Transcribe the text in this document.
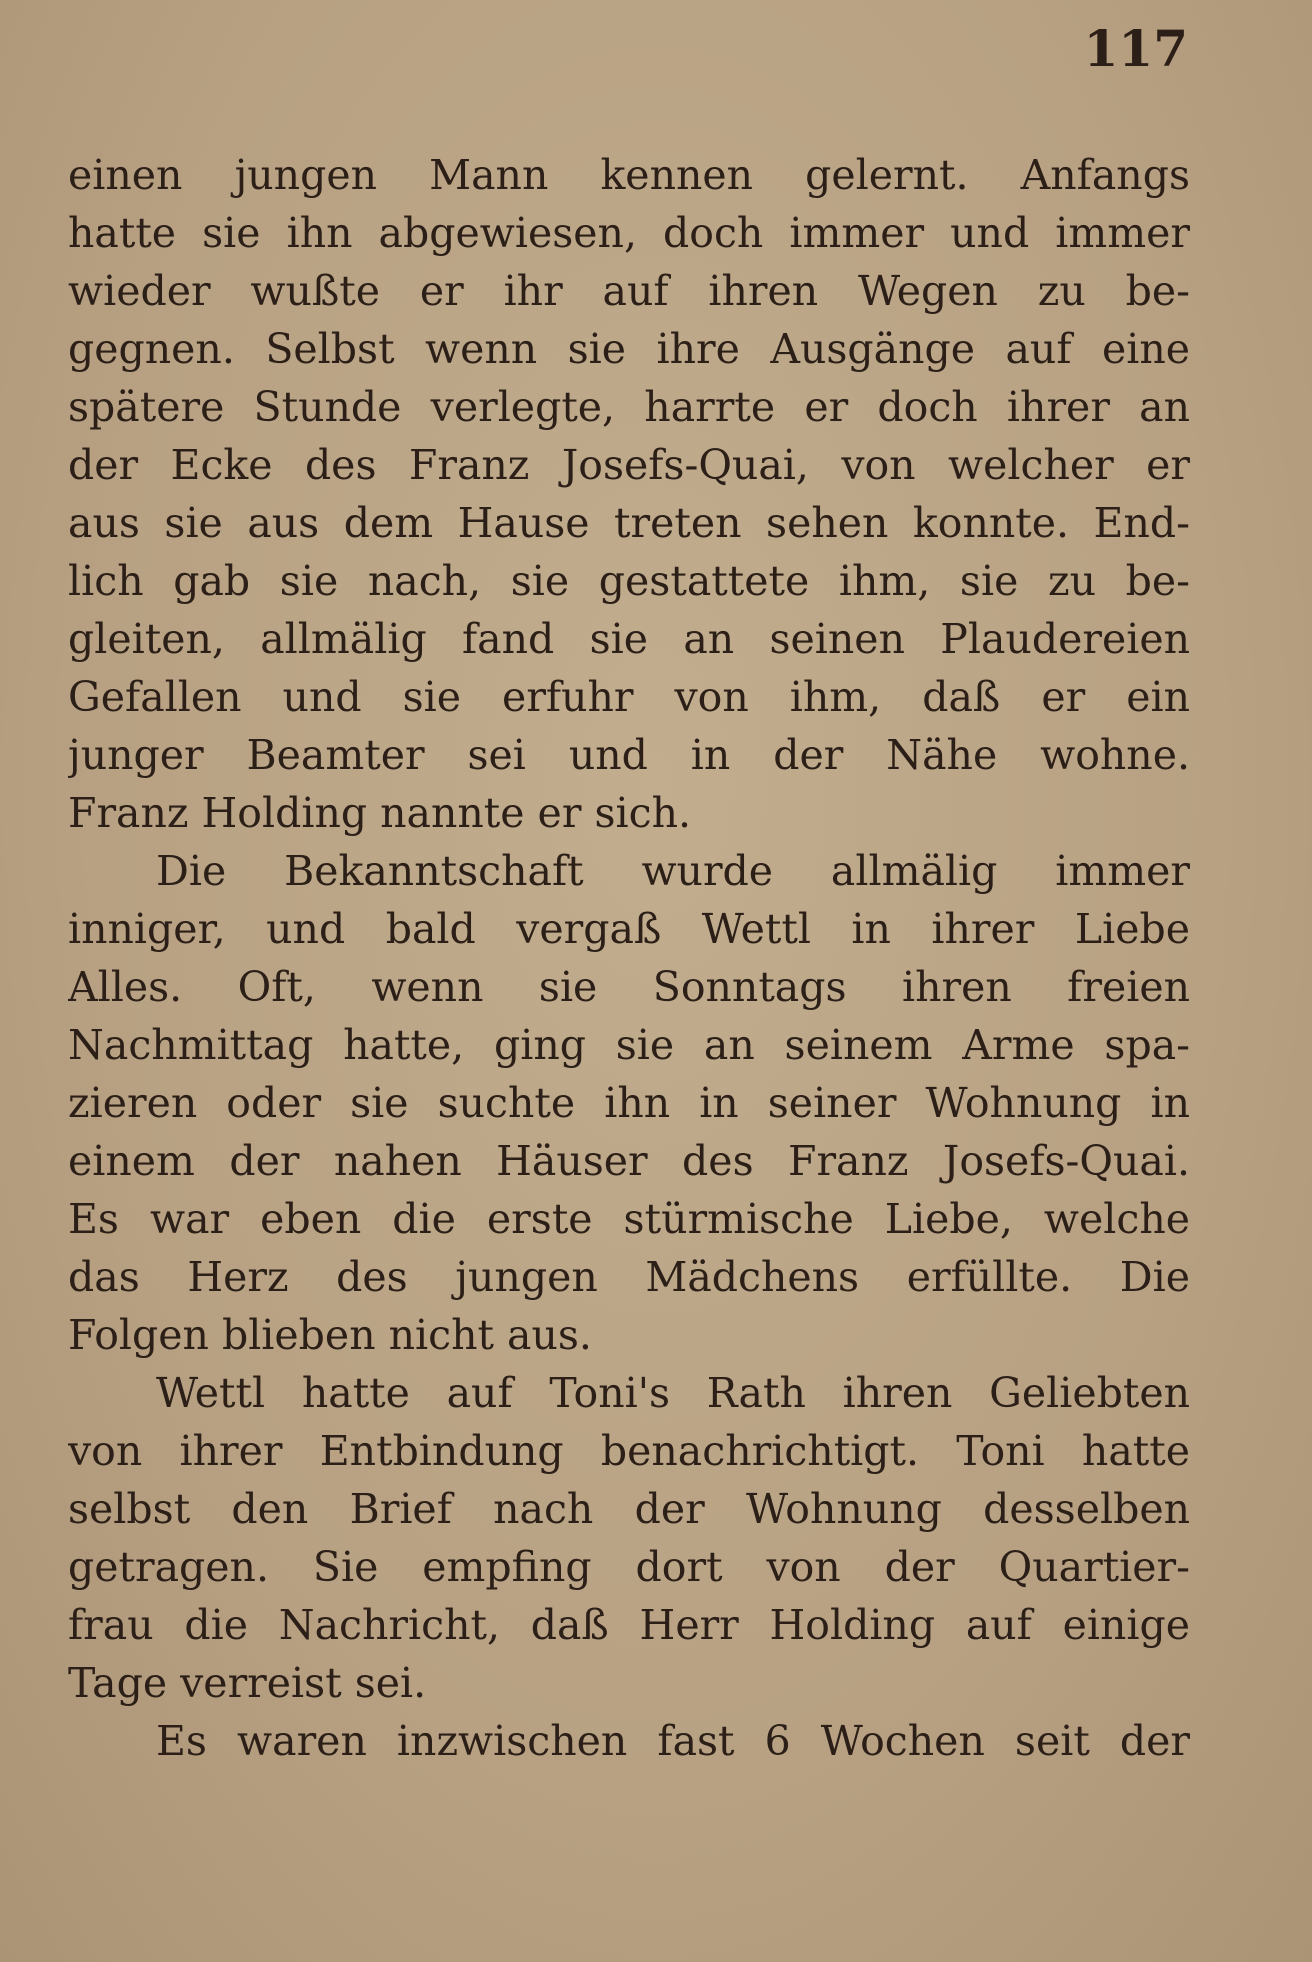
117
einen jungen Mann kennen gelernt. Anfangs
hatte sie ihn abgewiesen, doch immer und immer
wieder wußte er ihr auf ihren Wegen zu be-
gegnen. Selbst wenn sie ihre Ausgänge auf eine
spätere Stunde verlegte, harrte er doch ihrer an
der Ecke des Franz Josefs-Quai, von welcher er
aus sie aus dem Hause treten sehen konnte. End-
lich gab sie nach, sie gestattete ihm, sie zu be-
gleiten, allmälig fand sie an seinen Plaudereien
Gefallen und sie erfuhr von ihm, daß er ein
junger Beamter sei und in der Nähe wohne.
Franz Holding nannte er sich.
Die Bekanntschaft wurde allmälig immer
inniger, und bald vergaß Wettl in ihrer Liebe
Alles. Oft, wenn sie Sonntags ihren freien
Nachmittag hatte, ging sie an seinem Arme spa-
zieren oder sie suchte ihn in seiner Wohnung in
einem der nahen Häuser des Franz Josefs-Quai.
Es war eben die erste stürmische Liebe, welche
das Herz des jungen Mädchens erfüllte. Die
Folgen blieben nicht aus.
Wettl hatte auf Toni's Rath ihren Geliebten
von ihrer Entbindung benachrichtigt. Toni hatte
selbst den Brief nach der Wohnung desselben
getragen. Sie empfing dort von der Quartier-
frau die Nachricht, daß Herr Holding auf einige
Tage verreist sei.
Es waren inzwischen fast 6 Wochen seit der
